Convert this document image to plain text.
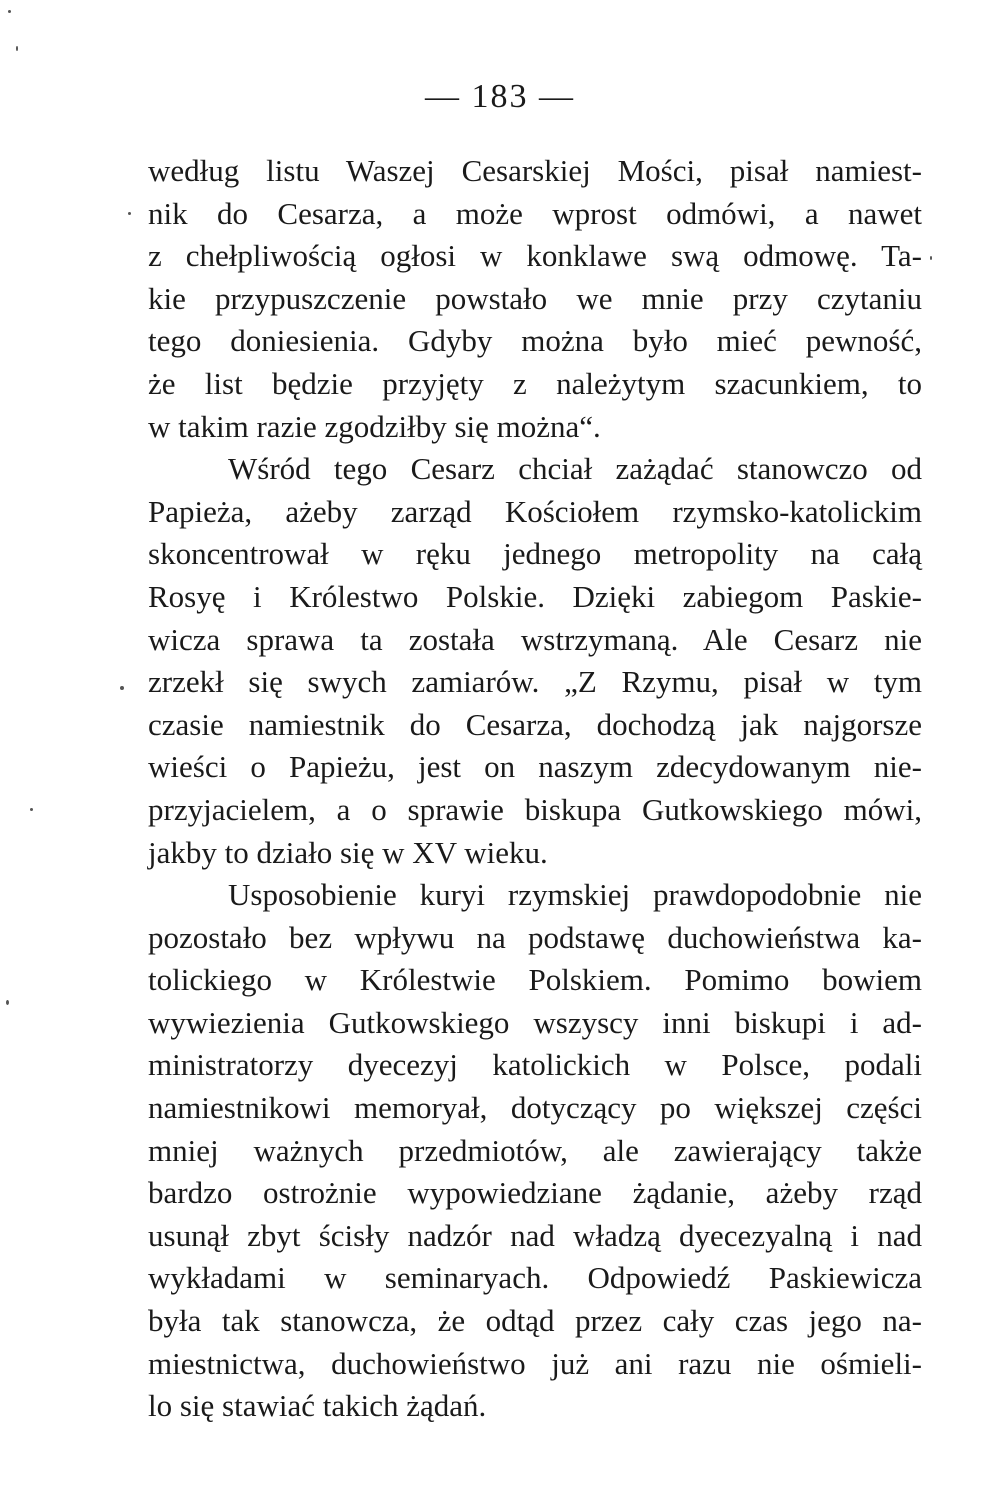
— 183 —
według listu Waszej Cesarskiej Mości, pisał namiest-
nik do Cesarza, a może wprost odmówi, a nawet
z chełpliwością ogłosi w konklawe swą odmowę. Ta-
kie przypuszczenie powstało we mnie przy czytaniu
tego doniesienia. Gdyby można było mieć pewność,
że list będzie przyjęty z należytym szacunkiem, to
w takim razie zgodziłby się można“.
Wśród tego Cesarz chciał zażądać stanowczo od
Papieża, ażeby zarząd Kościołem rzymsko-katolickim
skoncentrował w ręku jednego metropolity na całą
Rosyę i Królestwo Polskie. Dzięki zabiegom Paskie-
wicza sprawa ta została wstrzymaną. Ale Cesarz nie
zrzekł się swych zamiarów. „Z Rzymu, pisał w tym
czasie namiestnik do Cesarza, dochodzą jak najgorsze
wieści o Papieżu, jest on naszym zdecydowanym nie-
przyjacielem, a o sprawie biskupa Gutkowskiego mówi,
jakby to działo się w XV wieku.
Usposobienie kuryi rzymskiej prawdopodobnie nie
pozostało bez wpływu na podstawę duchowieństwa ka-
tolickiego w Królestwie Polskiem. Pomimo bowiem
wywiezienia Gutkowskiego wszyscy inni biskupi i ad-
ministratorzy dyecezyj katolickich w Polsce, podali
namiestnikowi memoryał, dotyczący po większej części
mniej ważnych przedmiotów, ale zawierający także
bardzo ostrożnie wypowiedziane żądanie, ażeby rząd
usunął zbyt ścisły nadzór nad władzą dyecezyalną i nad
wykładami w seminaryach. Odpowiedź Paskiewicza
była tak stanowcza, że odtąd przez cały czas jego na-
miestnictwa, duchowieństwo już ani razu nie ośmieli-
lo się stawiać takich żądań.
